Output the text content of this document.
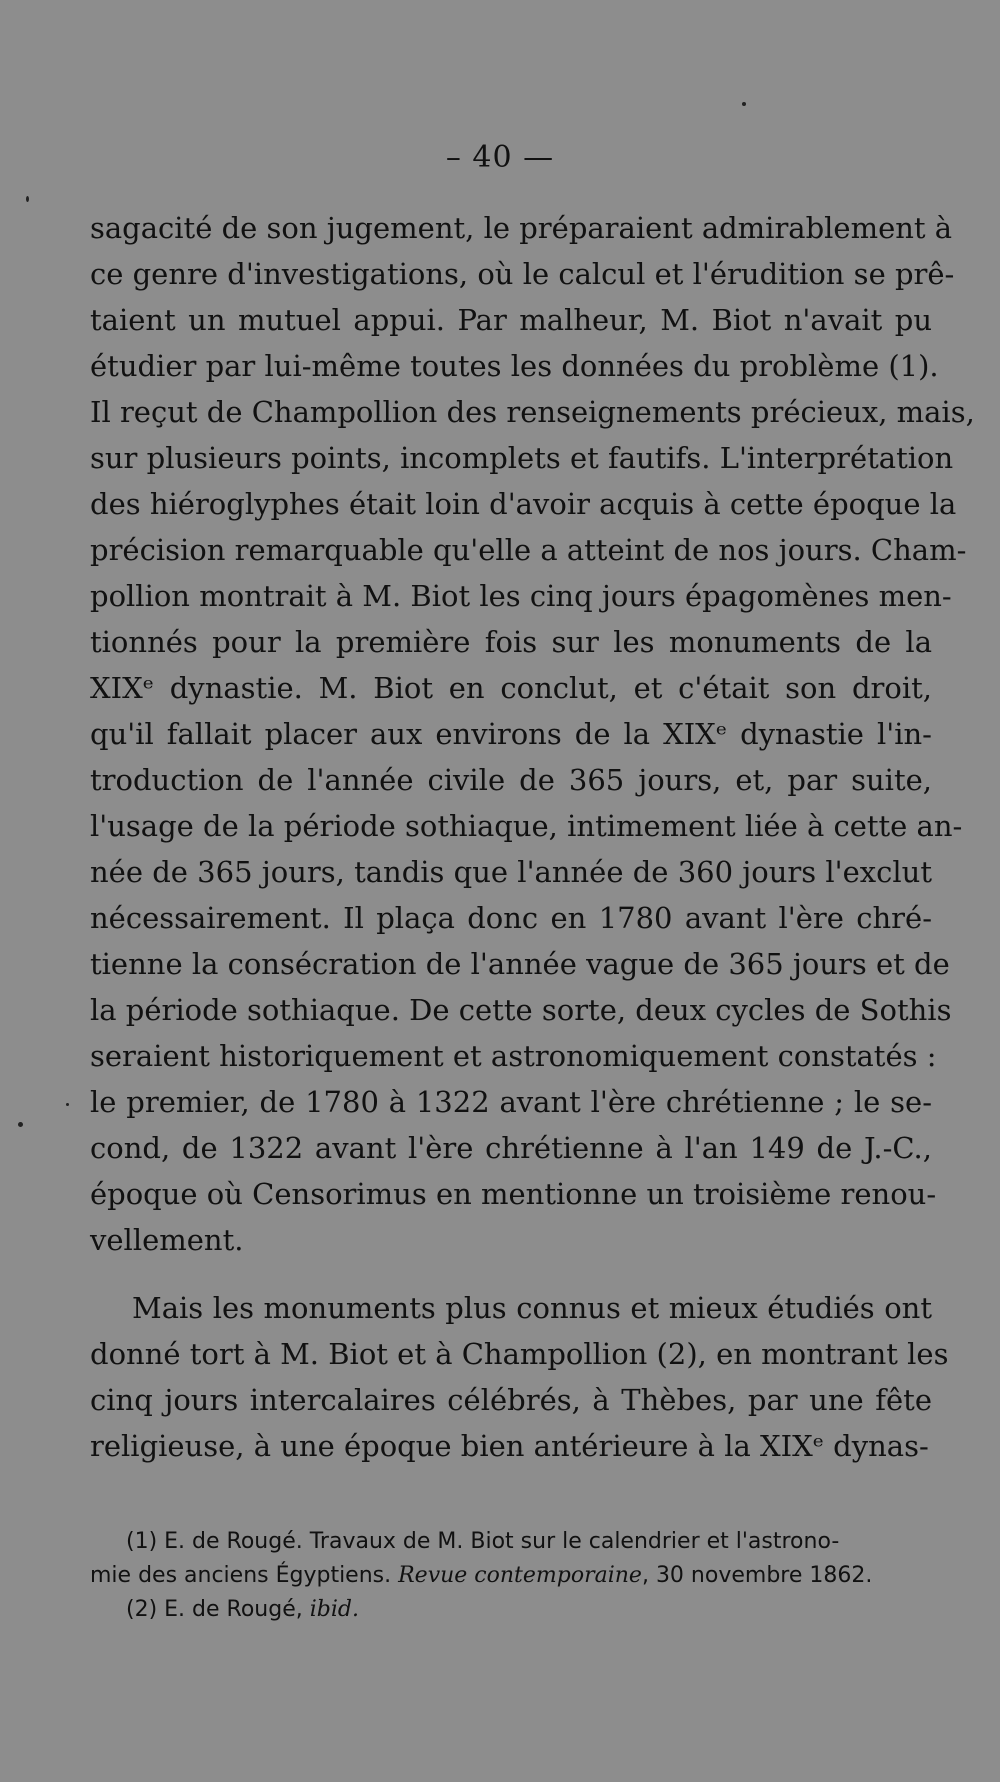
– 40 —
sagacité de son jugement, le préparaient admirablement à
ce genre d'investigations, où le calcul et l'érudition se prê-
taient un mutuel appui. Par malheur, M. Biot n'avait pu
étudier par lui-même toutes les données du problème (1).
Il reçut de Champollion des renseignements précieux, mais,
sur plusieurs points, incomplets et fautifs. L'interprétation
des hiéroglyphes était loin d'avoir acquis à cette époque la
précision remarquable qu'elle a atteint de nos jours. Cham-
pollion montrait à M. Biot les cinq jours épagomènes men-
tionnés pour la première fois sur les monuments de la
XIXᵉ dynastie. M. Biot en conclut, et c'était son droit,
qu'il fallait placer aux environs de la XIXᵉ dynastie l'in-
troduction de l'année civile de 365 jours, et, par suite,
l'usage de la période sothiaque, intimement liée à cette an-
née de 365 jours, tandis que l'année de 360 jours l'exclut
nécessairement. Il plaça donc en 1780 avant l'ère chré-
tienne la consécration de l'année vague de 365 jours et de
la période sothiaque. De cette sorte, deux cycles de Sothis
seraient historiquement et astronomiquement constatés :
le premier, de 1780 à 1322 avant l'ère chrétienne ; le se-
cond, de 1322 avant l'ère chrétienne à l'an 149 de J.-C.,
époque où Censorimus en mentionne un troisième renou-
vellement.
Mais les monuments plus connus et mieux étudiés ont
donné tort à M. Biot et à Champollion (2), en montrant les
cinq jours intercalaires célébrés, à Thèbes, par une fête
religieuse, à une époque bien antérieure à la XIXᵉ dynas-
(1) E. de Rougé. Travaux de M. Biot sur le calendrier et l'astrono-
mie des anciens Égyptiens. Revue contemporaine, 30 novembre 1862.
(2) E. de Rougé, ibid.
